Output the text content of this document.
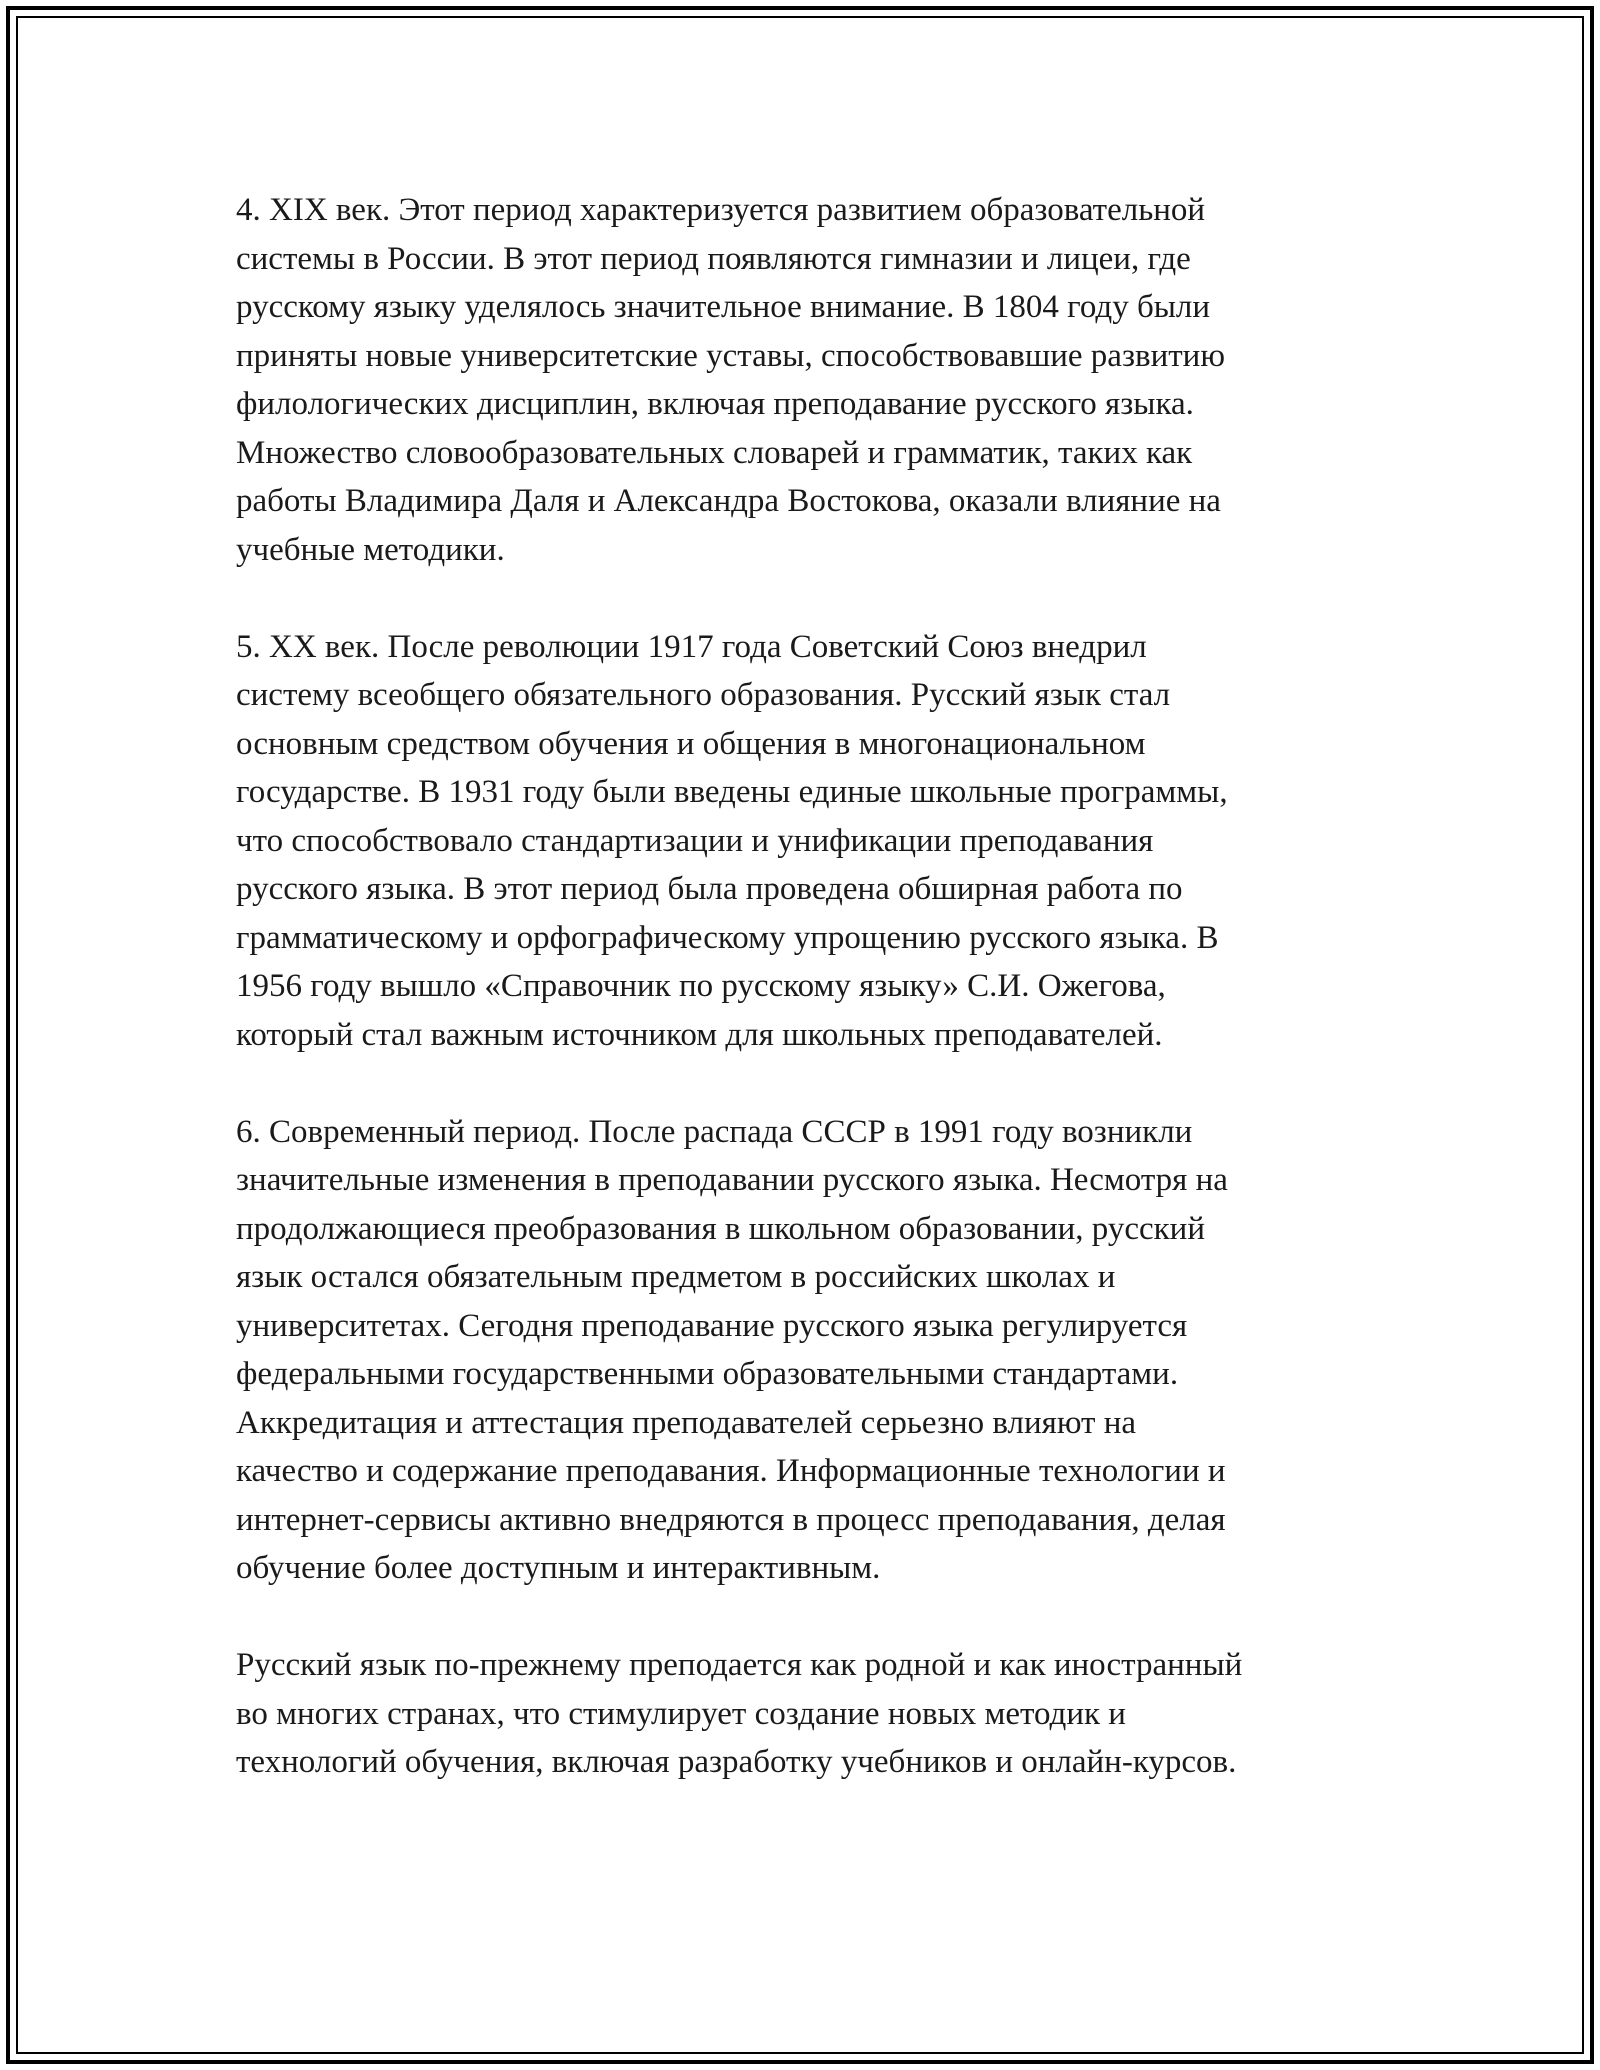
4. XIX век. Этот период характеризуется развитием образовательной
системы в России. В этот период появляются гимназии и лицеи, где
русскому языку уделялось значительное внимание. В 1804 году были
приняты новые университетские уставы, способствовавшие развитию
филологических дисциплин, включая преподавание русского языка.
Множество словообразовательных словарей и грамматик, таких как
работы Владимира Даля и Александра Востокова, оказали влияние на
учебные методики.

5. XX век. После революции 1917 года Советский Союз внедрил
систему всеобщего обязательного образования. Русский язык стал
основным средством обучения и общения в многонациональном
государстве. В 1931 году были введены единые школьные программы,
что способствовало стандартизации и унификации преподавания
русского языка. В этот период была проведена обширная работа по
грамматическому и орфографическому упрощению русского языка. В
1956 году вышло «Справочник по русскому языку» С.И. Ожегова,
который стал важным источником для школьных преподавателей.

6. Современный период. После распада СССР в 1991 году возникли
значительные изменения в преподавании русского языка. Несмотря на
продолжающиеся преобразования в школьном образовании, русский
язык остался обязательным предметом в российских школах и
университетах. Сегодня преподавание русского языка регулируется
федеральными государственными образовательными стандартами.
Аккредитация и аттестация преподавателей серьезно влияют на
качество и содержание преподавания. Информационные технологии и
интернет-сервисы активно внедряются в процесс преподавания, делая
обучение более доступным и интерактивным.

Русский язык по-прежнему преподается как родной и как иностранный
во многих странах, что стимулирует создание новых методик и
технологий обучения, включая разработку учебников и онлайн-курсов.
